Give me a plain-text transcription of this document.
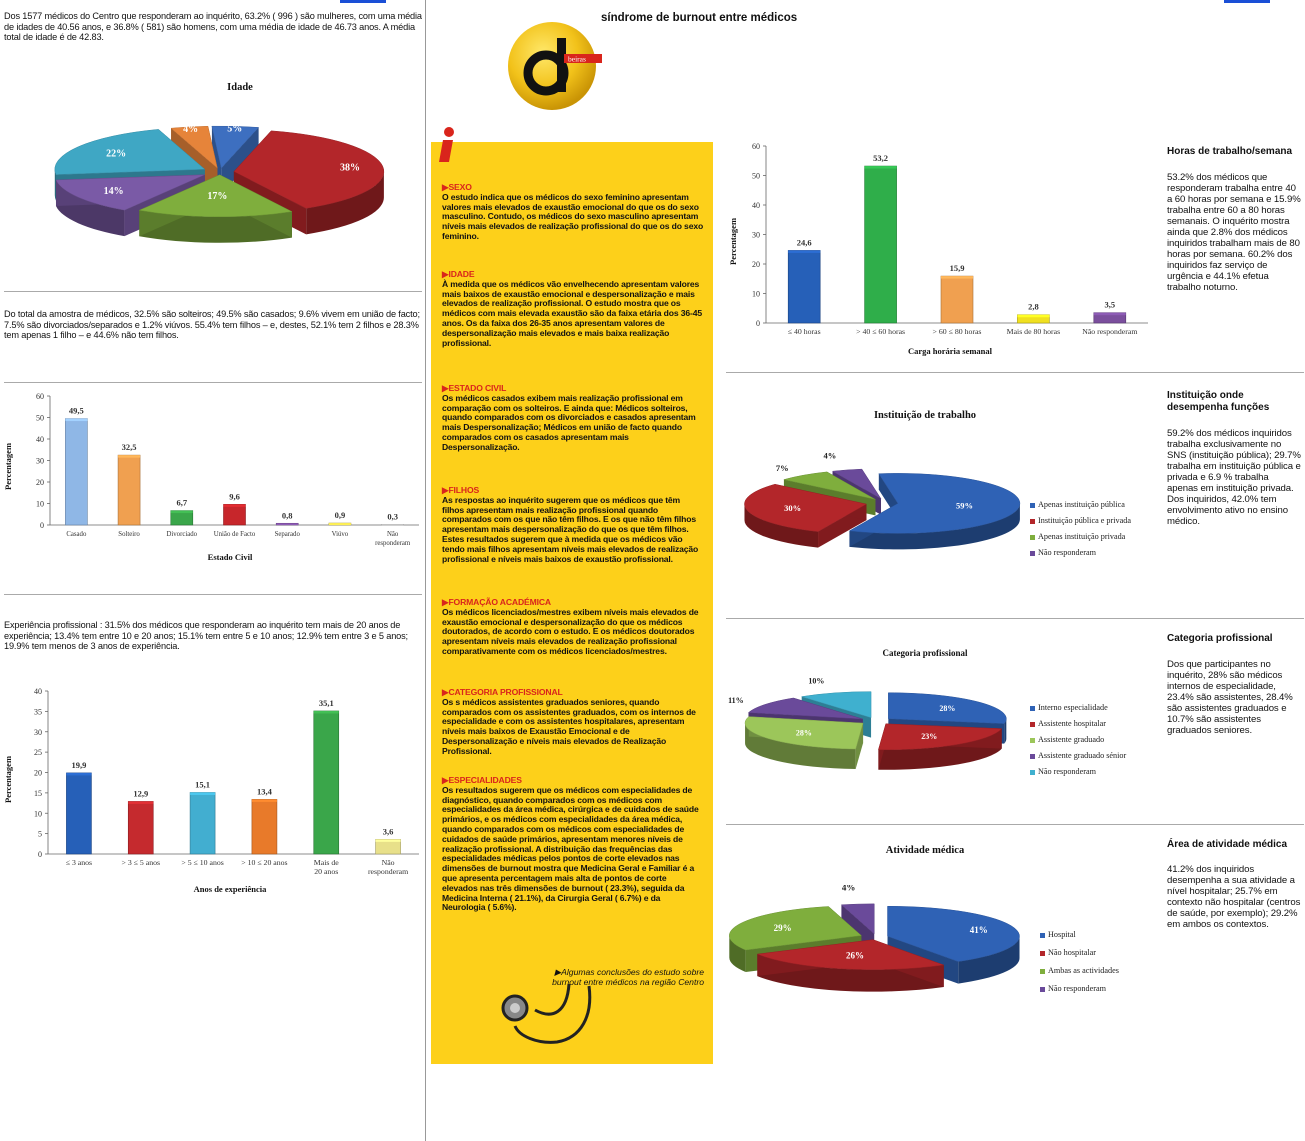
beiras
síndrome de burnout entre médicos
Dos 1577 médicos do Centro que responderam ao inquérito, 63.2% ( 996 ) são mulheres, com uma média de idades de 40.56 anos, e 36.8% ( 581) são homens, com uma média de idade de 46.73 anos. A média total de idade é de 42.83.
Idade
38%
17%
14%
22%
4%	5%
Do total da amostra de médicos, 32.5% são solteiros; 49.5% são casados; 9.6% vivem em união de facto; 7.5% são divorciados/separados e 1.2% viúvos. 55.4% tem filhos – e, destes, 52.1% tem 2 filhos e 28.3% tem apenas 1 filho – e 44.6% não tem filhos.
Percentagem
0
10
20
30
40
50
60
49,5
Casado
32,5
Solteiro
6,7
Divorciado
9,6
União de Facto
0,8
Separado
0,9
Viúvo
0,3
Não responderam
Estado Civil
Experiência profissional : 31.5% dos médicos que responderam ao inquérito tem mais de 20 anos de experiência; 13.4% tem entre 10 e 20 anos; 15.1% tem entre 5 e 10 anos; 12.9% tem entre 3 e 5 anos; 19.9% tem menos de 3 anos de experiência.
Percentagem
0
5
10
15
20
25
30
35
40
19,9
≤ 3 anos
12,9
> 3 ≤ 5 anos
15,1
> 5 ≤ 10 anos
13,4
> 10 ≤ 20 anos
35,1
Mais de 20 anos
3,6
Não responderam
Anos de experiência
▶SEXO
O estudo indica que os médicos do sexo feminino apresentam valores mais elevados de exaustão emocional do que os do sexo masculino. Contudo, os médicos do sexo masculino apresentam níveis mais elevados de realização profissional do que os do sexo feminino.
▶IDADE
À medida que os médicos vão envelhecendo apresentam valores mais baixos de exaustão emocional e despersonalização e mais elevados de realização profissional. O estudo mostra que os médicos com mais elevada exaustão são da faixa etária dos 36-45 anos. Os da faixa dos 26-35 anos apresentam valores de despersonalização mais elevados e mais baixa realização profissional.
▶ESTADO CIVIL
Os médicos casados exibem mais realização profissional em comparação com os solteiros. E ainda que: Médicos solteiros, quando comparados com os divorciados e casados apresentam mais Despersonalização; Médicos em união de facto quando comparados com os casados apresentam mais Despersonalização.
▶FILHOS
As respostas ao inquérito sugerem que os médicos que têm filhos apresentam mais realização profissional quando comparados com os que não têm filhos. E os que não têm filhos apresentam mais despersonalização do que os que têm filhos. Estes resultados sugerem que à medida que os médicos vão tendo mais filhos apresentam níveis mais elevados de realização profissional e níveis mais baixos de exaustão profissional.
▶FORMAÇÃO ACADÉMICA
Os médicos licenciados/mestres exibem níveis mais elevados de exaustão emocional e despersonalização do que os médicos doutorados, de acordo com o estudo. E os médicos doutorados apresentam níveis mais elevados de realização profissional comparativamente com os médicos licenciados/mestres.
▶CATEGORIA PROFISSIONAL
Os s médicos assistentes graduados seniores, quando comparados com os assistentes graduados, com os internos de especialidade e com os assistentes hospitalares, apresentam níveis mais baixos de Exaustão Emocional e de Despersonalização e níveis mais elevados de Realização Profissional.
▶ESPECIALIDADES
Os resultados sugerem que os médicos com especialidades de diagnóstico, quando comparados com os médicos com especialidades da área médica, cirúrgica e de cuidados de saúde primários, e os médicos com especialidades da área médica, quando comparados com os médicos com especialidades de cuidados de saúde primários, apresentam menores níveis de realização profissional. A distribuição das frequências das especialidades médicas pelos pontos de corte elevados nas dimensões de burnout mostra que Medicina Geral e Familiar é a que apresenta percentagem mais alta de pontos de corte elevados nas três dimensões de burnout ( 23.3%), seguida da Medicina Interna ( 21.1%), da Cirurgia Geral ( 6.7%) e da Neurologia ( 5.6%).
▶Algumas conclusões do estudo sobre burnout entre médicos na região Centro
Percentagem
0
10
20
30
40
50
60
24,6
≤ 40 horas
53,2
> 40 ≤ 60 horas
15,9
> 60 ≤ 80 horas
2,8
Mais de 80 horas
3,5
Não responderam
Carga horária semanal
Horas de trabalho/semana
53.2% dos médicos que responderam trabalha entre 40 a 60 horas por semana e 15.9% trabalha entre 60 a 80 horas semanais. O inquérito mostra ainda que 2.8% dos médicos inquiridos trabalham mais de 80 horas por semana. 60.2% dos inquiridos faz serviço de urgência e 44.1% efetua trabalho noturno.
Instituição de trabalho
59%
30%
7%
4%
Apenas instituição pública
Instituição pública e privada
Apenas instituição privada
Não responderam
Instituição onde desempenha funções
59.2% dos médicos inquiridos trabalha exclusivamente no SNS (instituição pública); 29.7% trabalha em instituição pública e privada e 6.9 % trabalha apenas em instituição privada. Dos inquiridos, 42.0% tem envolvimento ativo no ensino médico.
Categoria profissional
28%
23%
28%
11%
10%
Interno especialidade
Assistente hospitalar
Assistente graduado
Assistente graduado sénior
Não responderam
Categoria profissional
Dos que participantes no inquérito, 28% são médicos internos de especialidade, 23.4% são assistentes, 28.4% são assistentes graduados e 10.7% são assistentes graduados seniores.
Atividade médica
41%
26%
29%
4%
Hospital
Não hospitalar
Ambas as actividades
Não responderam
Área de atividade médica
41.2% dos inquiridos desempenha a sua atividade a nível hospitalar; 25.7% em contexto não hospitalar (centros de saúde, por exemplo); 29.2% em ambos os contextos.
